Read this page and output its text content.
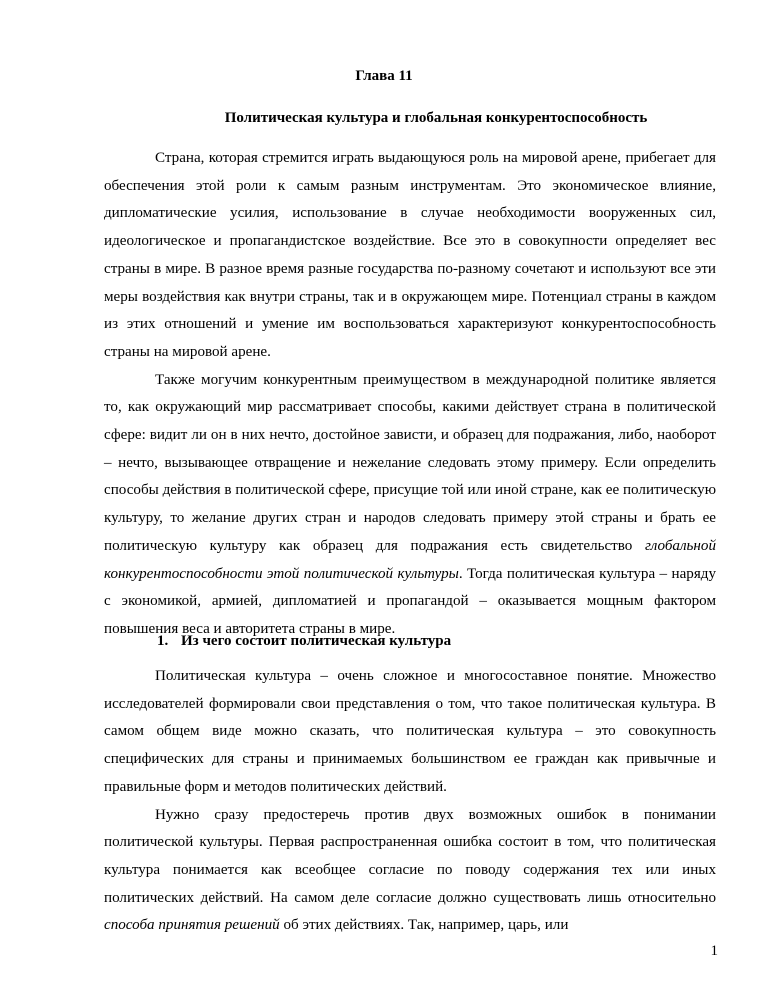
Глава 11
Политическая культура и глобальная конкурентоспособность

Страна, которая стремится играть выдающуюся роль на мировой арене, прибегает для обеспечения этой роли к самым разным инструментам. Это экономическое влияние, дипломатические усилия, использование в случае необходимости вооруженных сил, идеологическое и пропагандистское воздействие. Все это в совокупности определяет вес страны в мире. В разное время разные государства по-разному сочетают и используют все эти меры воздействия как внутри страны, так и в окружающем мире. Потенциал страны в каждом из этих отношений и умение им воспользоваться характеризуют конкурентоспособность страны на мировой арене.

Также могучим конкурентным преимуществом в международной политике является то, как окружающий мир рассматривает способы, какими действует страна в политической сфере: видит ли он в них нечто, достойное зависти, и образец для подражания, либо, наоборот – нечто, вызывающее отвращение и нежелание следовать этому примеру. Если определить способы действия в политической сфере, присущие той или иной стране, как ее политическую культуру, то желание других стран и народов следовать примеру этой страны и брать ее политическую культуру как образец для подражания есть свидетельство глобальной конкурентоспособности этой политической культуры. Тогда политическая культура – наряду с экономикой, армией, дипломатией и пропагандой – оказывается мощным фактором повышения веса и авторитета страны в мире.

1. Из чего состоит политическая культура

Политическая культура – очень сложное и многосоставное понятие. Множество исследователей формировали свои представления о том, что такое политическая культура. В самом общем виде можно сказать, что политическая культура – это совокупность специфических для страны и принимаемых большинством ее граждан как привычные и правильные форм и методов политических действий.

Нужно сразу предостеречь против двух возможных ошибок в понимании политической культуры. Первая распространенная ошибка состоит в том, что политическая культура понимается как всеобщее согласие по поводу содержания тех или иных политических действий. На самом деле согласие должно существовать лишь относительно способа принятия решений об этих действиях. Так, например, царь, или

1
